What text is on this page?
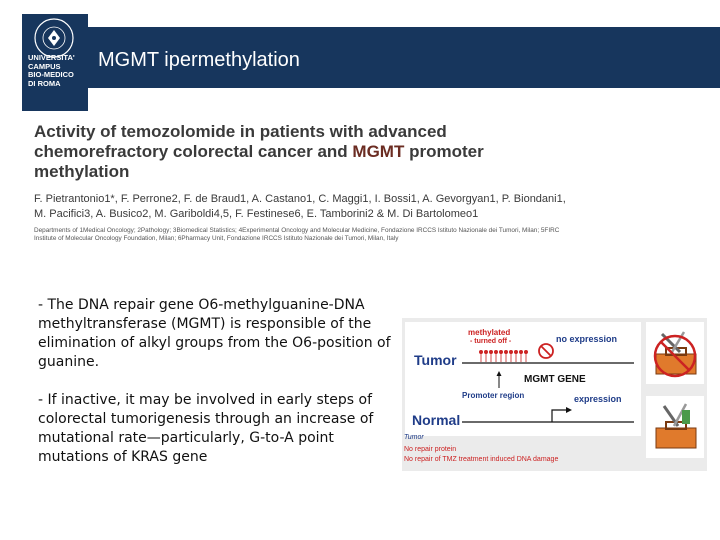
UNIVERSITA'
CAMPUS
BIO-MEDICO
DI ROMA
MGMT ipermethylation
Activity of temozolomide in patients with advanced chemorefractory colorectal cancer and MGMT promoter methylation
F. Pietrantonio1*, F. Perrone2, F. de Braud1, A. Castano1, C. Maggi1, I. Bossi1, A. Gevorgyan1, P. Biondani1, M. Pacifici3, A. Busico2, M. Gariboldi4,5, F. Festinese6, E. Tamborini2 & M. Di Bartolomeo1
Departments of 1Medical Oncology; 2Pathology; 3Biomedical Statistics; 4Experimental Oncology and Molecular Medicine, Fondazione IRCCS Istituto Nazionale dei Tumori, Milan; 5FIRC Institute of Molecular Oncology Foundation, Milan; 6Pharmacy Unit, Fondazione IRCCS Istituto Nazionale dei Tumori, Milan, Italy

- The DNA repair gene O6-methylguanine-DNA methyltransferase (MGMT) is responsible of the elimination of alkyl groups from the O6-position of guanine.

- If inactive, it may be involved in early steps of colorectal tumorigenesis through an increase of mutational rate—particularly, G-to-A point mutations of KRAS gene

methylated
- turned off -	no expression
Tumor
MGMT GENE
Promoter region	expression
Normal
Tumor
No repair protein
No repair of TMZ treatment induced DNA damage
